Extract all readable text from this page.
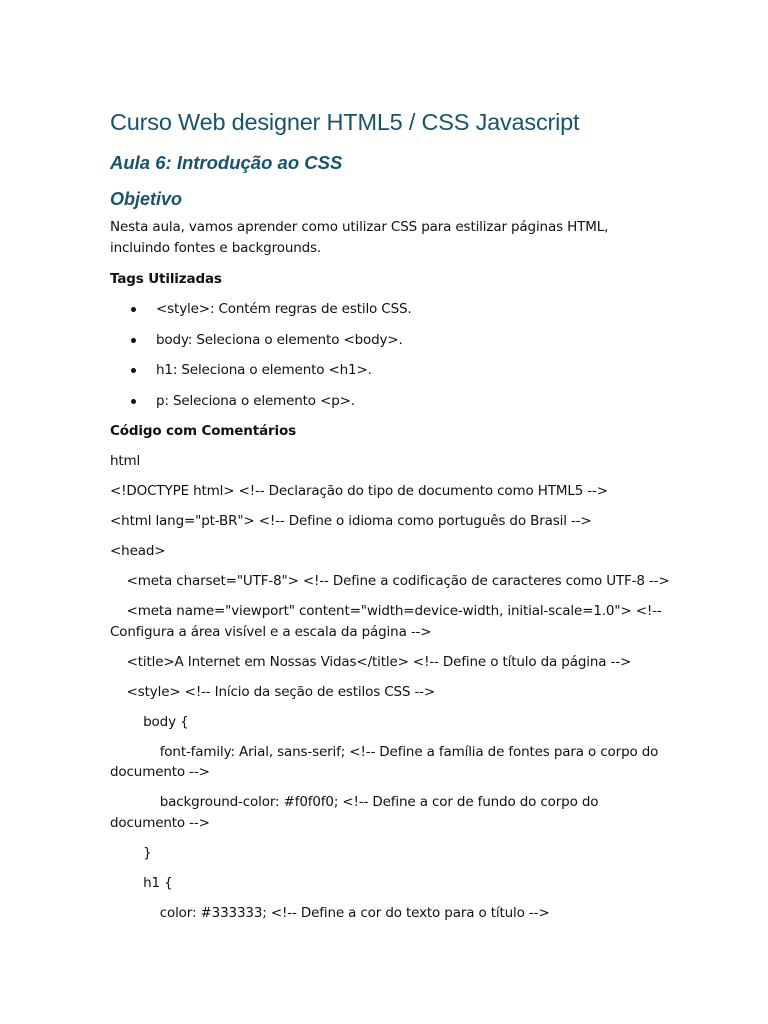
Curso Web designer HTML5 / CSS Javascript
Aula 6: Introdução ao CSS
Objetivo

Nesta aula, vamos aprender como utilizar CSS para estilizar páginas HTML, incluindo fontes e backgrounds.

Tags Utilizadas

<style>: Contém regras de estilo CSS.
body: Seleciona o elemento <body>.
h1: Seleciona o elemento <h1>.
p: Seleciona o elemento <p>.

Código com Comentários

html

<!DOCTYPE html> <!-- Declaração do tipo de documento como HTML5 -->

<html lang="pt-BR"> <!-- Define o idioma como português do Brasil -->

<head>

<meta charset="UTF-8"> <!-- Define a codificação de caracteres como UTF-8 -->

<meta name="viewport" content="width=device-width, initial-scale=1.0"> <!-- Configura a área visível e a escala da página -->

<title>A Internet em Nossas Vidas</title> <!-- Define o título da página -->

<style> <!-- Início da seção de estilos CSS -->

body {

font-family: Arial, sans-serif; <!-- Define a família de fontes para o corpo do documento -->

background-color: #f0f0f0; <!-- Define a cor de fundo do corpo do documento -->

}

h1 {

color: #333333; <!-- Define a cor do texto para o título -->
